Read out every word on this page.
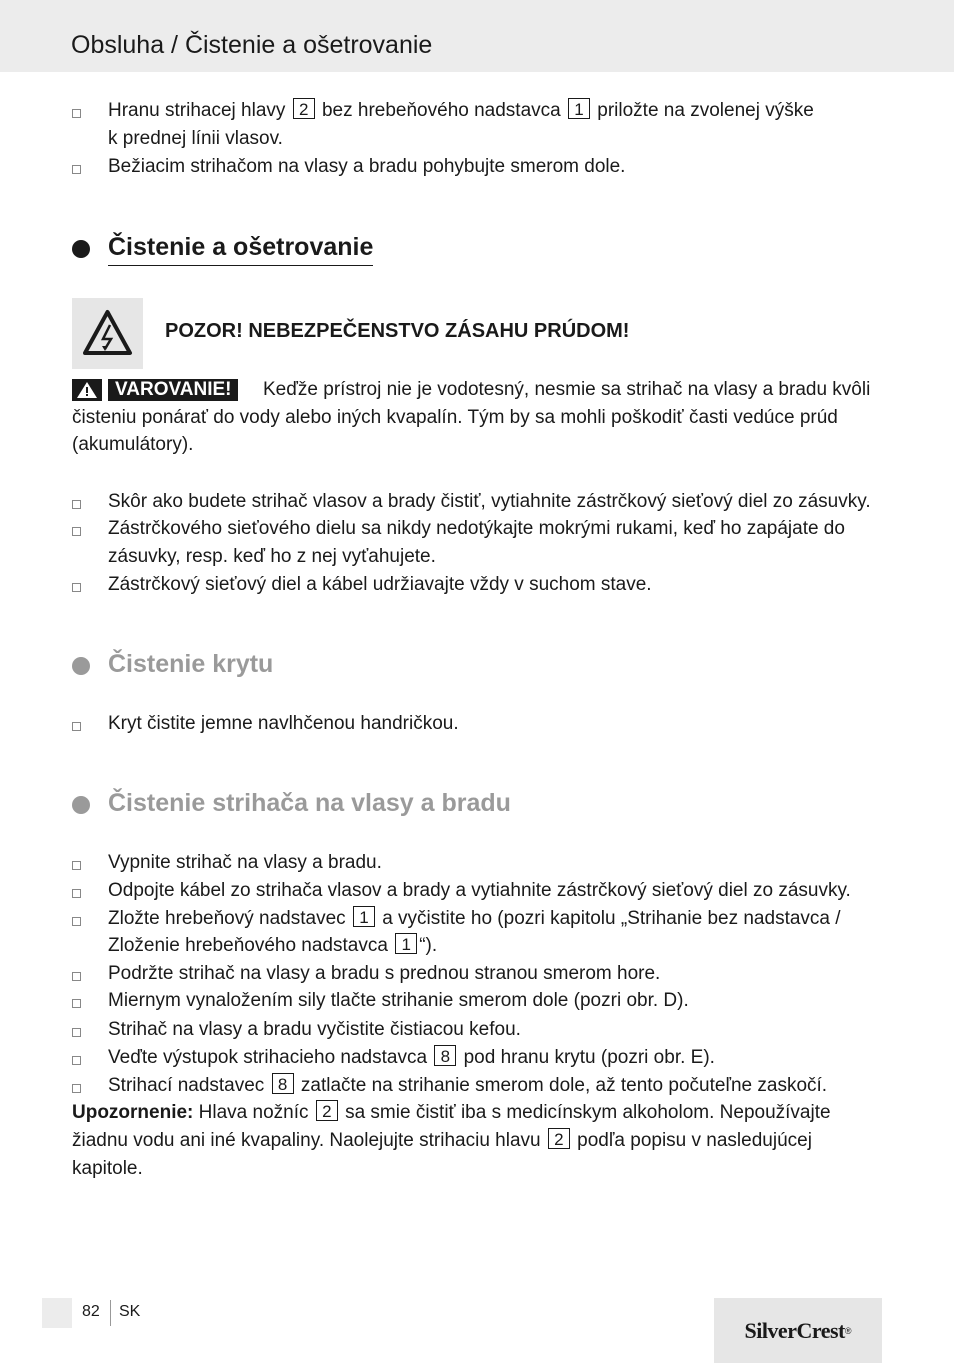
Obsluha / Čistenie a ošetrovanie
Hranu strihacej hlavy 2 bez hrebeňového nadstavca 1 priložte na zvolenej výške
k prednej línii vlasov.
Bežiacim strihačom na vlasy a bradu pohybujte smerom dole.
Čistenie a ošetrovanie
POZOR! NEBEZPEČENSTVO ZÁSAHU PRÚDOM!
VAROVANIE!	Keďže prístroj nie je vodotesný, nesmie sa strihač na vlasy a bradu kvôli
čisteniu ponárať do vody alebo iných kvapalín. Tým by sa mohli poškodiť časti vedúce prúd
(akumulátory).
Skôr ako budete strihač vlasov a brady čistiť, vytiahnite zástrčkový sieťový diel zo zásuvky.
Zástrčkového sieťového dielu sa nikdy nedotýkajte mokrými rukami, keď ho zapájate do
zásuvky, resp. keď ho z nej vyťahujete.
Zástrčkový sieťový diel a kábel udržiavajte vždy v suchom stave.
Čistenie krytu
Kryt čistite jemne navlhčenou handričkou.
Čistenie strihača na vlasy a bradu
Vypnite strihač na vlasy a bradu.
Odpojte kábel zo strihača vlasov a brady a vytiahnite zástrčkový sieťový diel zo zásuvky.
Zložte hrebeňový nadstavec 1 a vyčistite ho (pozri kapitolu „Strihanie bez nadstavca /
Zloženie hrebeňového nadstavca 1 “).
Podržte strihač na vlasy a bradu s prednou stranou smerom hore.
Miernym vynaložením sily tlačte strihanie smerom dole (pozri obr. D).
Strihač na vlasy a bradu vyčistite čistiacou kefou.
Veďte výstupok strihacieho nadstavca 8 pod hranu krytu (pozri obr. E).
Strihací nadstavec 8 zatlačte na strihanie smerom dole, až tento počuteľne zaskočí.
Upozornenie: Hlava nožníc 2 sa smie čistiť iba s medicínskym alkoholom. Nepoužívajte
žiadnu vodu ani iné kvapaliny. Naolejujte strihaciu hlavu 2 podľa popisu v nasledujúcej
kapitole.
82 SK
SilverCrest ®
